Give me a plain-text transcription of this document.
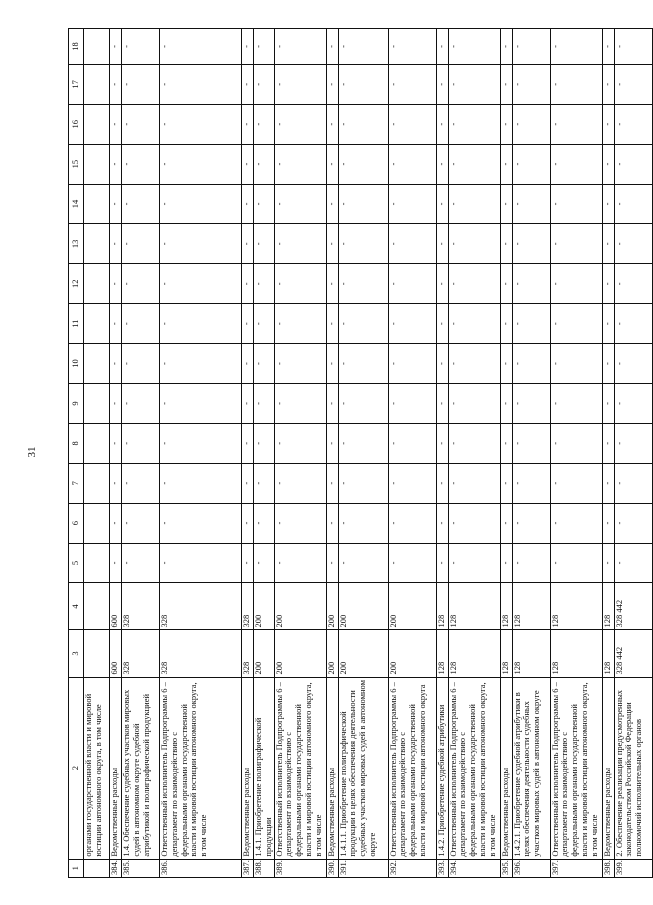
31
1	2	3	4	5	6	7	8	9	10	11	12	13	14	15	16	17	18
	органами государственной власти и мировой юстиции автономного округа, в том числе																
384.	Ведомственные расходы	600	600	-	-	-	-	-	-	-	-	-	-	-	-	-	-
385.	1.4. Обеспечение судебных участков мировых судей в автономном округе судебной атрибутикой и полиграфической продукцией	328	328	-	-	-	-	-	-	-	-	-	-	-	-	-	-
386.	Ответственный исполнитель Подпрограммы 6 – департамент по взаимодействию с федеральными органами государственной власти и мировой юстиции автономного округа, в том числе	328	328	-	-	-	-	-	-	-	-	-	-	-	-	-	-
387.	Ведомственные расходы	328	328	-	-	-	-	-	-	-	-	-	-	-	-	-	-
388.	1.4.1. Приобретение полиграфической продукции	200	200	-	-	-	-	-	-	-	-	-	-	-	-	-	-
389.	Ответственный исполнитель Подпрограммы 6 – департамент по взаимодействию с федеральными органами государственной власти и мировой юстиции автономного округа, в том числе	200	200	-	-	-	-	-	-	-	-	-	-	-	-	-	-
390.	Ведомственные расходы	200	200	-	-	-	-	-	-	-	-	-	-	-	-	-	-
391.	1.4.1.1. Приобретение полиграфической продукции в целях обеспечения деятельности судебных участков мировых судей в автономном округе	200	200	-	-	-	-	-	-	-	-	-	-	-	-	-	-
392.	Ответственный исполнитель Подпрограммы 6 – департамент по взаимодействию с федеральными органами государственной власти и мировой юстиции автономного округа	200	200	-	-	-	-	-	-	-	-	-	-	-	-	-	-
393.	1.4.2. Приобретение судебной атрибутики	128	128	-	-	-	-	-	-	-	-	-	-	-	-	-	-
394.	Ответственный исполнитель Подпрограммы 6 – департамент по взаимодействию с федеральными органами государственной власти и мировой юстиции автономного округа, в том числе	128	128	-	-	-	-	-	-	-	-	-	-	-	-	-	-
395.	Ведомственные расходы	128	128	-	-	-	-	-	-	-	-	-	-	-	-	-	-
396.	1.4.2.1. Приобретение судебной атрибутики в целях обеспечения деятельности судебных участков мировых судей в автономном округе	128	128	-	-	-	-	-	-	-	-	-	-	-	-	-	-
397.	Ответственный исполнитель Подпрограммы 6 – департамент по взаимодействию с федеральными органами государственной власти и мировой юстиции автономного округа, в том числе	128	128	-	-	-	-	-	-	-	-	-	-	-	-	-	-
398.	Ведомственные расходы	128	128	-	-	-	-	-	-	-	-	-	-	-	-	-	-
399.	2. Обеспечение реализации предусмотренных законодательством Российской Федерации полномочий исполнительных органов	328 442	328 442	-	-	-	-	-	-	-	-	-	-	-	-	-	-
